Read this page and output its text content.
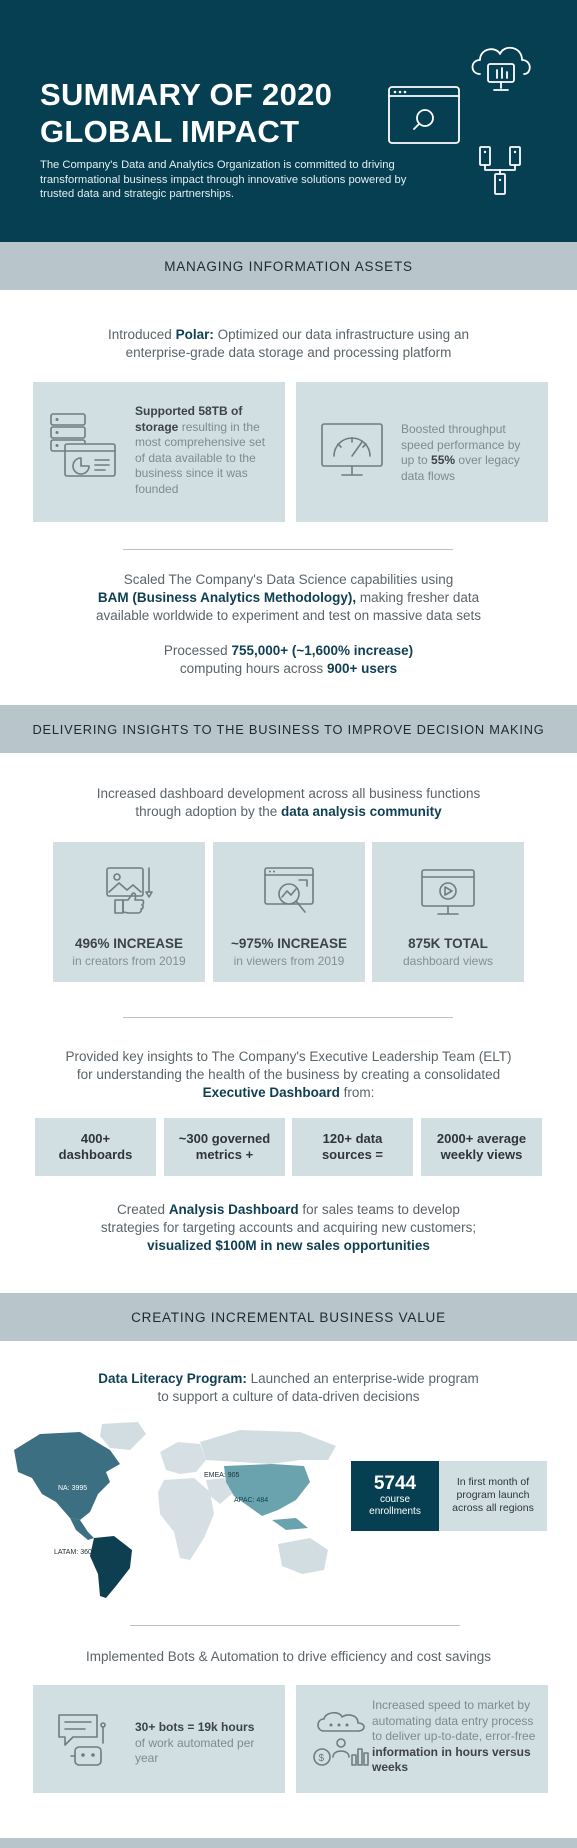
SUMMARY OF 2020
GLOBAL IMPACT
The Company's Data and Analytics Organization is committed to driving transformational business impact through innovative solutions powered by trusted data and strategic partnerships.
MANAGING INFORMATION ASSETS
Introduced Polar: Optimized our data infrastructure using an
enterprise-grade data storage and processing platform
Supported 58TB of storage resulting in the most comprehensive set of data available to the business since it was founded
Boosted throughput speed performance by up to 55% over legacy data flows
Scaled The Company's Data Science capabilities using
BAM (Business Analytics Methodology), making fresher data
available worldwide to experiment and test on massive data sets
Processed 755,000+ (~1,600% increase)
computing hours across 900+ users
DELIVERING INSIGHTS TO THE BUSINESS TO IMPROVE DECISION MAKING
Increased dashboard development across all business functions
through adoption by the data analysis community
496% INCREASE
in creators from 2019
~975% INCREASE
in viewers from 2019
875K TOTAL
dashboard views
Provided key insights to The Company's Executive Leadership Team (ELT)
for understanding the health of the business by creating a consolidated
Executive Dashboard from:
400+
dashboards
~300 governed
metrics +
120+ data
sources =
2000+ average
weekly views
Created Analysis Dashboard for sales teams to develop
strategies for targeting accounts and acquiring new customers;
visualized $100M in new sales opportunities
CREATING INCREMENTAL BUSINESS VALUE
Data Literacy Program: Launched an enterprise-wide program
to support a culture of data-driven decisions
NA: 3995
EMEA: 905
APAC: 484
LATAM: 360
5744
course
enrollments
In first month of
program launch
across all regions
Implemented Bots & Automation to drive efficiency and cost savings
30+ bots = 19k hours
of work automated per year	$
Increased speed to market by automating data entry process to deliver up-to-date, error-free information in hours versus weeks
